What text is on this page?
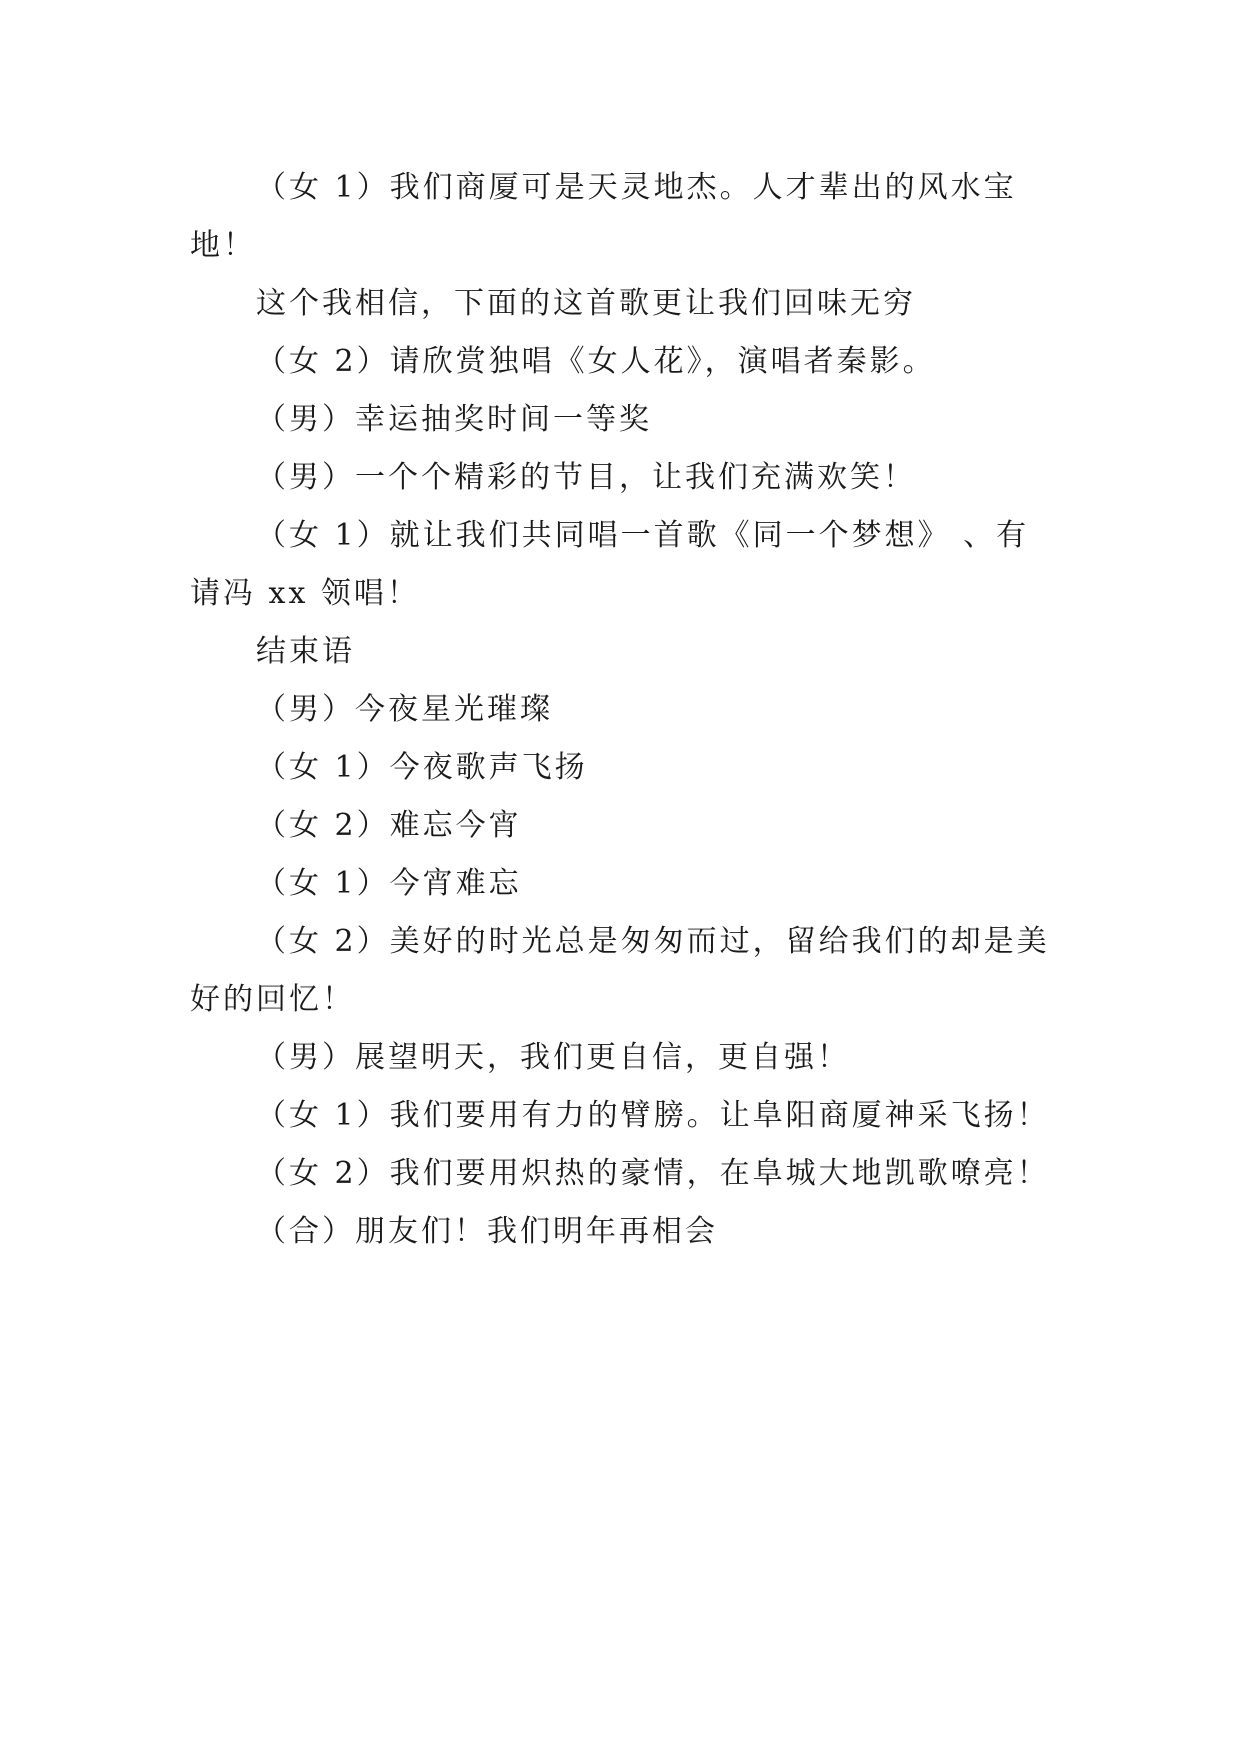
（女 1）我们商厦可是天灵地杰。人才辈出的风水宝地！

这个我相信，下面的这首歌更让我们回味无穷

（女 2）请欣赏独唱《女人花》，演唱者秦影。

（男）幸运抽奖时间一等奖

（男）一个个精彩的节目，让我们充满欢笑！

（女 1）就让我们共同唱一首歌《同一个梦想》 、有请冯 xx 领唱！

结束语

（男）今夜星光璀璨

（女 1）今夜歌声飞扬

（女 2）难忘今宵

（女 1）今宵难忘

（女 2）美好的时光总是匆匆而过，留给我们的却是美好的回忆！

（男）展望明天，我们更自信，更自强！

（女 1）我们要用有力的臂膀。让阜阳商厦神采飞扬！

（女 2）我们要用炽热的豪情，在阜城大地凯歌嘹亮！

（合）朋友们！我们明年再相会
